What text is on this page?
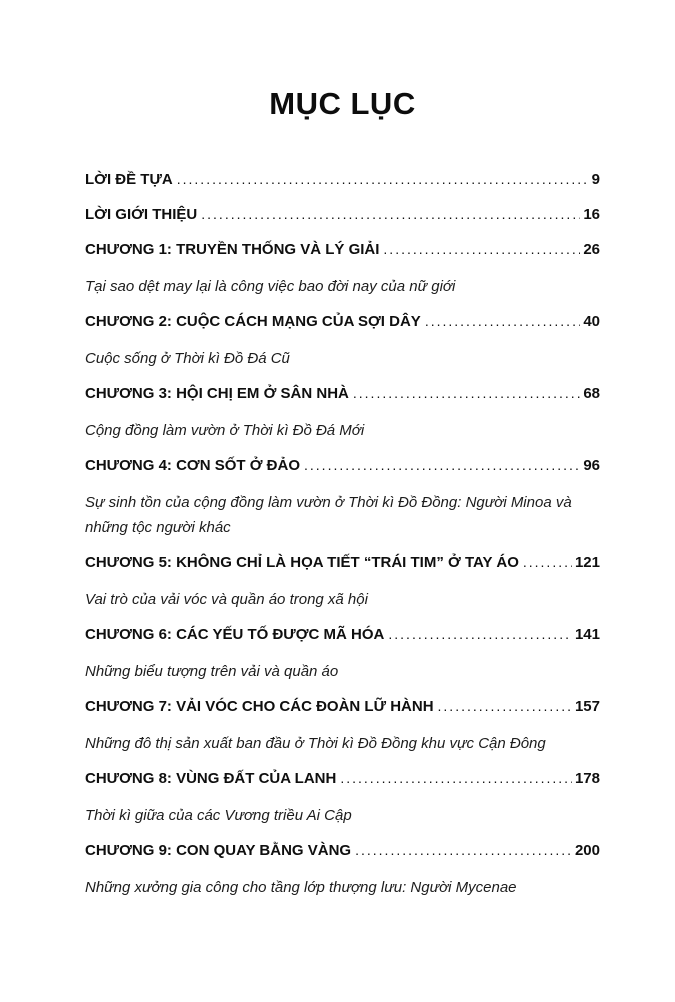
MỤC LỤC
LỜI ĐỀ TỰA .....	9
LỜI GIỚI THIỆU .....	16
CHƯƠNG 1: TRUYỀN THỐNG VÀ LÝ GIẢI .....	26
Tại sao dệt may lại là công việc bao đời nay của nữ giới
CHƯƠNG 2: CUỘC CÁCH MẠNG CỦA SỢI DÂY .....	40
Cuộc sống ở Thời kì Đồ Đá Cũ
CHƯƠNG 3: HỘI CHỊ EM Ở SÂN NHÀ .....	68
Cộng đồng làm vườn ở Thời kì Đồ Đá Mới
CHƯƠNG 4: CƠN SỐT Ở ĐẢO .....	96
Sự sinh tồn của cộng đồng làm vườn ở Thời kì Đồ Đồng: Người Minoa và những tộc người khác
CHƯƠNG 5: KHÔNG CHỈ LÀ HỌA TIẾT “TRÁI TIM” Ở TAY ÁO .....	121
Vai trò của vải vóc và quần áo trong xã hội
CHƯƠNG 6: CÁC YẾU TỐ ĐƯỢC MÃ HÓA .....	141
Những biểu tượng trên vải và quần áo
CHƯƠNG 7: VẢI VÓC CHO CÁC ĐOÀN LỮ HÀNH .....	157
Những đô thị sản xuất ban đầu ở Thời kì Đồ Đồng khu vực Cận Đông
CHƯƠNG 8: VÙNG ĐẤT CỦA LANH .....	178
Thời kì giữa của các Vương triều Ai Cập
CHƯƠNG 9: CON QUAY BẰNG VÀNG .....	200
Những xưởng gia công cho tầng lớp thượng lưu: Người Mycenae
